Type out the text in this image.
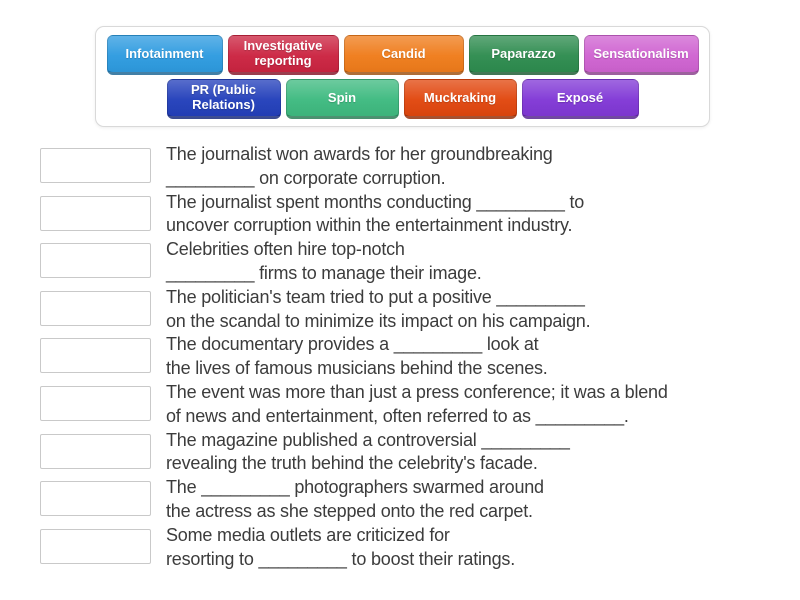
Infotainment	Investigative reporting	Candid	Paparazzo	Sensationalism
PR (Public Relations)	Spin	Muckraking	Exposé
The journalist won awards for her groundbreaking
_________ on corporate corruption.
The journalist spent months conducting _________ to
uncover corruption within the entertainment industry.
Celebrities often hire top-notch
_________ firms to manage their image.
The politician's team tried to put a positive _________
on the scandal to minimize its impact on his campaign.
The documentary provides a _________ look at
the lives of famous musicians behind the scenes.
The event was more than just a press conference; it was a blend
of news and entertainment, often referred to as _________.
The magazine published a controversial _________
revealing the truth behind the celebrity's facade.
The _________ photographers swarmed around
the actress as she stepped onto the red carpet.
Some media outlets are criticized for
resorting to _________ to boost their ratings.
